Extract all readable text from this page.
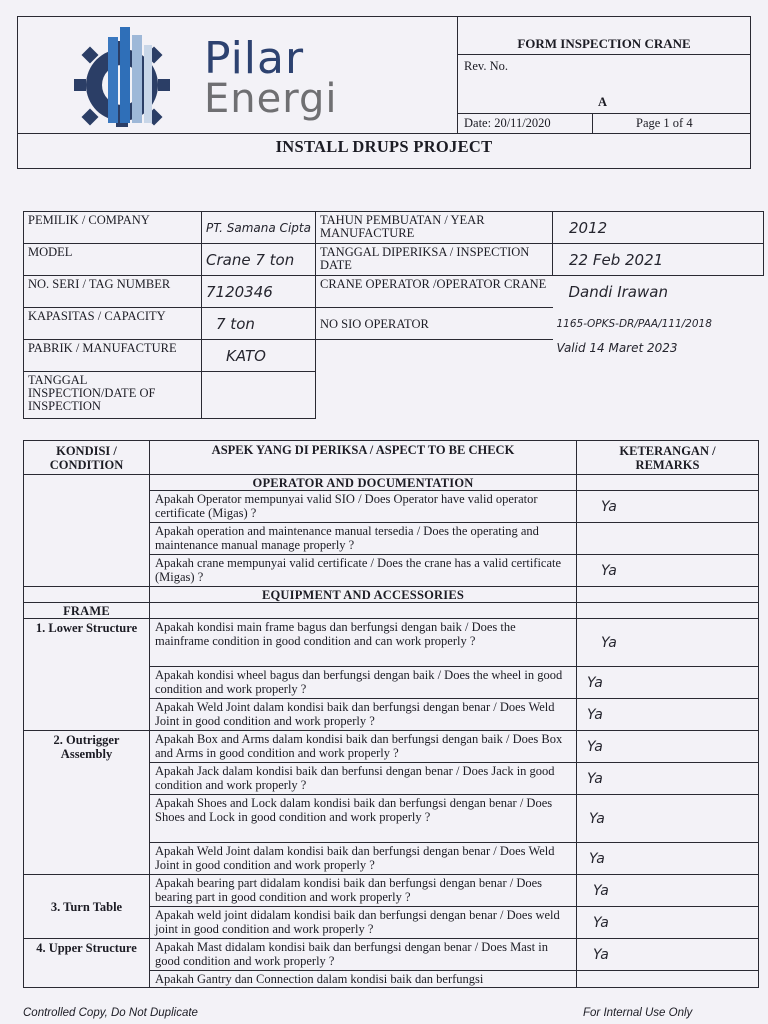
Pilar
Energi
FORM INSPECTION CRANE
Rev. No.
A
Date: 20/11/2020	Page 1 of 4
INSTALL DRUPS PROJECT
PEMILIK / COMPANY	PT. Samana Cipta	TAHUN PEMBUATAN / YEAR MANUFACTURE	2012
MODEL	Crane 7 ton	TANGGAL DIPERIKSA / INSPECTION DATE	22 Feb 2021
NO. SERI / TAG NUMBER	7120346	CRANE OPERATOR /OPERATOR CRANE	Dandi Irawan
KAPASITAS / CAPACITY	7 ton	NO SIO OPERATOR	1165-OPKS-DR/PAA/111/2018
PABRIK / MANUFACTURE	KATO		Valid 14 Maret 2023
TANGGAL INSPECTION/DATE OF INSPECTION			
KONDISI / CONDITION	ASPEK YANG DI PERIKSA / ASPECT TO BE CHECK	KETERANGAN / REMARKS
	OPERATOR AND DOCUMENTATION	
	Apakah Operator mempunyai valid SIO / Does Operator have valid operator certificate (Migas) ?	Ya
	Apakah operation and maintenance manual tersedia / Does the operating and maintenance manual manage properly ?	
	Apakah crane mempunyai valid certificate / Does the crane has a valid certificate (Migas) ?	Ya
	EQUIPMENT AND ACCESSORIES	
FRAME		
1. Lower Structure	Apakah kondisi main frame bagus dan berfungsi dengan baik / Does the mainframe condition in good condition and can work properly ?	Ya
	Apakah kondisi wheel bagus dan berfungsi dengan baik / Does the wheel in good condition and work properly ?	Ya
	Apakah Weld Joint dalam kondisi baik dan berfungsi dengan benar / Does Weld Joint in good condition and work properly ?	Ya
2. Outrigger Assembly	Apakah Box and Arms dalam kondisi baik dan berfungsi dengan baik / Does Box and Arms in good condition and work properly ?	Ya
	Apakah Jack dalam kondisi baik dan berfunsi dengan benar / Does Jack in good condition and work properly ?	Ya
	Apakah Shoes and Lock dalam kondisi baik dan berfungsi dengan benar / Does Shoes and Lock in good condition and work properly ?	Ya
	Apakah Weld Joint dalam kondisi baik dan berfungsi dengan benar / Does Weld Joint in good condition and work properly ?	Ya
3. Turn Table	Apakah bearing part didalam kondisi baik dan berfungsi dengan benar / Does bearing part in good condition and work properly ?	Ya
	Apakah weld joint didalam kondisi baik dan berfungsi dengan benar / Does weld joint in good condition and work properly ?	Ya
4. Upper Structure	Apakah Mast didalam kondisi baik dan berfungsi dengan benar / Does Mast in good condition and work properly ?	Ya
	Apakah Gantry dan Connection dalam kondisi baik dan berfungsi	
Controlled Copy, Do Not Duplicate	For Internal Use Only
